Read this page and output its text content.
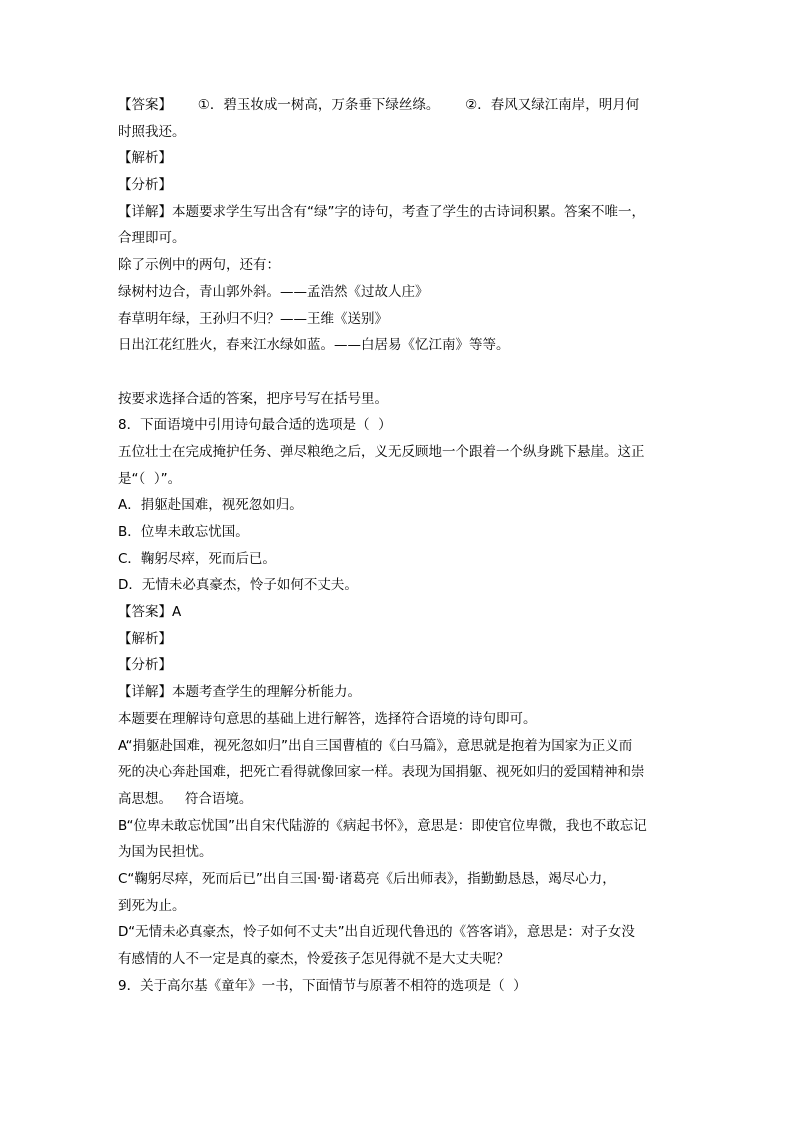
【答案】      ①．碧玉妆成一树高，万条垂下绿丝绦。      ②．春风又绿江南岸，明月何
时照我还。
【解析】
【分析】
【详解】本题要求学生写出含有“绿”字的诗句，考查了学生的古诗词积累。答案不唯一，
合理即可。
除了示例中的两句，还有：
绿树村边合，青山郭外斜。——孟浩然《过故人庄》
春草明年绿，王孙归不归？——王维《送别》
日出江花红胜火，春来江水绿如蓝。——白居易《忆江南》等等。
按要求选择合适的答案，把序号写在括号里。
8．下面语境中引用诗句最合适的选项是（  ）
五位壮士在完成掩护任务、弹尽粮绝之后，义无反顾地一个跟着一个纵身跳下悬崖。这正
是“（  ）”。
A．捐躯赴国难，视死忽如归。
B．位卑未敢忘忧国。
C．鞠躬尽瘁，死而后已。
D．无情未必真豪杰，怜子如何不丈夫。
【答案】A
【解析】
【分析】
【详解】本题考查学生的理解分析能力。
本题要在理解诗句意思的基础上进行解答，选择符合语境的诗句即可。
A“捐躯赴国难，视死忽如归”出自三国曹植的《白马篇》，意思就是抱着为国家为正义而
死的决心奔赴国难，把死亡看得就像回家一样。表现为国捐躯、视死如归的爱国精神和崇
高思想。   符合语境。
B“位卑未敢忘忧国”出自宋代陆游的《病起书怀》，意思是：即使官位卑微，我也不敢忘记
为国为民担忧。
C“鞠躬尽瘁，死而后已”出自三国·蜀·诸葛亮《后出师表》，指勤勤恳恳，竭尽心力，
到死为止。
D“无情未必真豪杰，怜子如何不丈夫”出自近现代鲁迅的《答客诮》，意思是：对子女没
有感情的人不一定是真的豪杰，怜爱孩子怎见得就不是大丈夫呢？
9．关于高尔基《童年》一书，下面情节与原著不相符的选项是（  ）
